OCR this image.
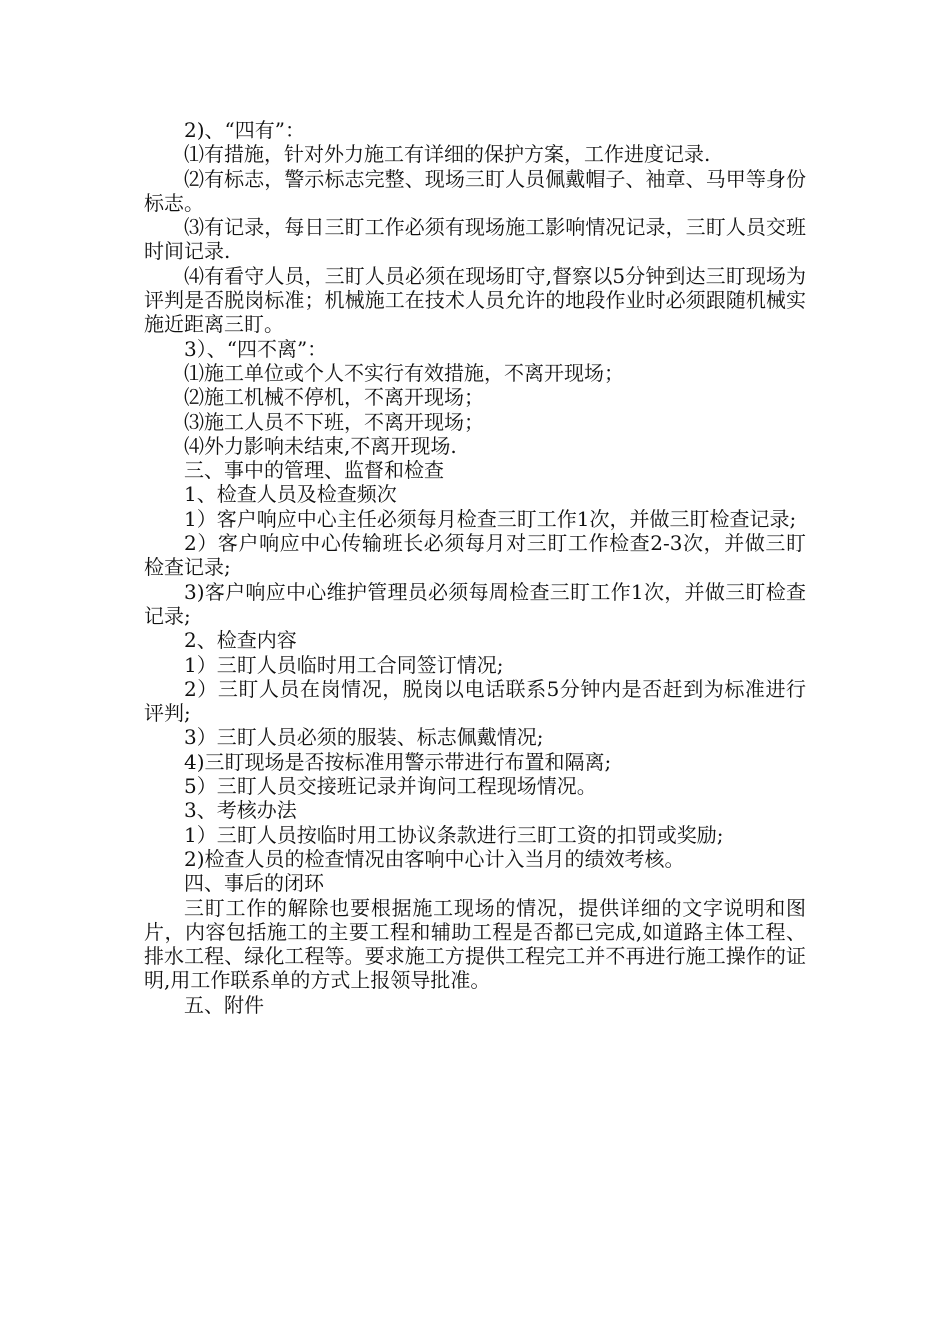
2)、“四有”：

⑴有措施，针对外力施工有详细的保护方案，工作进度记录.

⑵有标志，警示标志完整、现场三盯人员佩戴帽子、袖章、马甲等身份标志。

⑶有记录，每日三盯工作必须有现场施工影响情况记录，三盯人员交班时间记录.

⑷有看守人员，三盯人员必须在现场盯守,督察以5分钟到达三盯现场为评判是否脱岗标准；机械施工在技术人员允许的地段作业时必须跟随机械实施近距离三盯。

3）、“四不离”：

⑴施工单位或个人不实行有效措施，不离开现场；

⑵施工机械不停机，不离开现场；

⑶施工人员不下班，不离开现场；

⑷外力影响未结束,不离开现场.

三、事中的管理、监督和检查

1、检查人员及检查频次

1）客户响应中心主任必须每月检查三盯工作1次，并做三盯检查记录;

2）客户响应中心传输班长必须每月对三盯工作检查2-3次，并做三盯检查记录;

3)客户响应中心维护管理员必须每周检查三盯工作1次，并做三盯检查记录;

2、检查内容

1）三盯人员临时用工合同签订情况;

2）三盯人员在岗情况，脱岗以电话联系5分钟内是否赶到为标准进行评判;

3）三盯人员必须的服装、标志佩戴情况;

4)三盯现场是否按标准用警示带进行布置和隔离;

5）三盯人员交接班记录并询问工程现场情况。

3、考核办法

1）三盯人员按临时用工协议条款进行三盯工资的扣罚或奖励;

2)检查人员的检查情况由客响中心计入当月的绩效考核。

四、事后的闭环

三盯工作的解除也要根据施工现场的情况，提供详细的文字说明和图片，内容包括施工的主要工程和辅助工程是否都已完成,如道路主体工程、排水工程、绿化工程等。要求施工方提供工程完工并不再进行施工操作的证明,用工作联系单的方式上报领导批准。

五、附件
